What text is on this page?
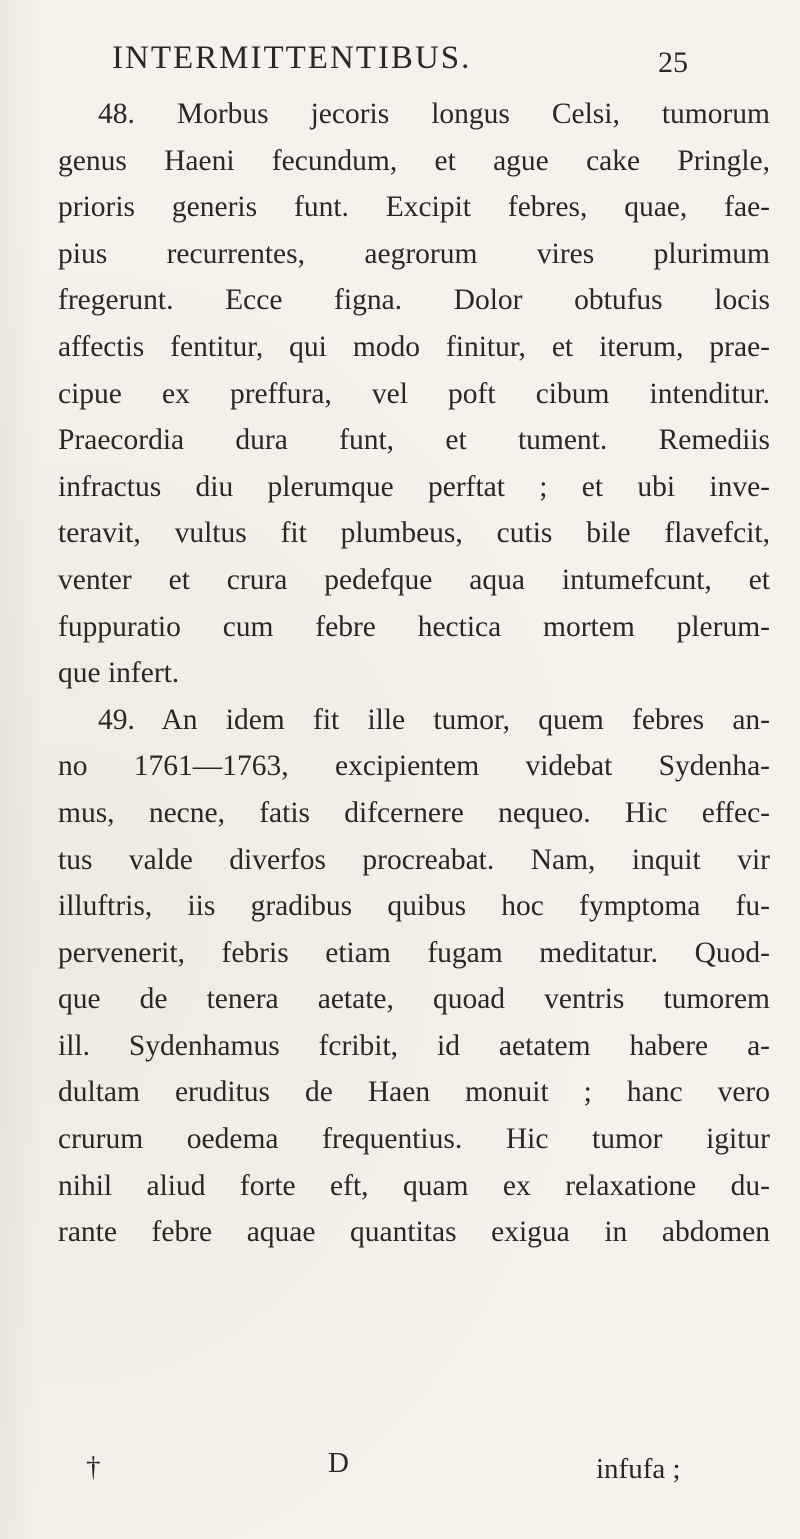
INTERMITTENTIBUS.	25
48. Morbus jecoris longus Celsi, tumorum
genus Haeni fecundum, et ague cake Pringle,
prioris generis funt. Excipit febres, quae, fae-
pius recurrentes, aegrorum vires plurimum
fregerunt. Ecce figna. Dolor obtufus locis
affectis fentitur, qui modo finitur, et iterum, prae-
cipue ex preffura, vel poft cibum intenditur.
Praecordia dura funt, et tument. Remediis
infractus diu plerumque perftat ; et ubi inve-
teravit, vultus fit plumbeus, cutis bile flavefcit,
venter et crura pedefque aqua intumefcunt, et
fuppuratio cum febre hectica mortem plerum-
que infert.
49. An idem fit ille tumor, quem febres an-
no 1761—1763, excipientem videbat Sydenha-
mus, necne, fatis difcernere nequeo. Hic effec-
tus valde diverfos procreabat. Nam, inquit vir
illuftris, iis gradibus quibus hoc fymptoma fu-
pervenerit, febris etiam fugam meditatur. Quod-
que de tenera aetate, quoad ventris tumorem
ill. Sydenhamus fcribit, id aetatem habere a-
dultam eruditus de Haen monuit ; hanc vero
crurum oedema frequentius. Hic tumor igitur
nihil aliud forte eft, quam ex relaxatione du-
rante febre aquae quantitas exigua in abdomen
†	D	infufa ;
